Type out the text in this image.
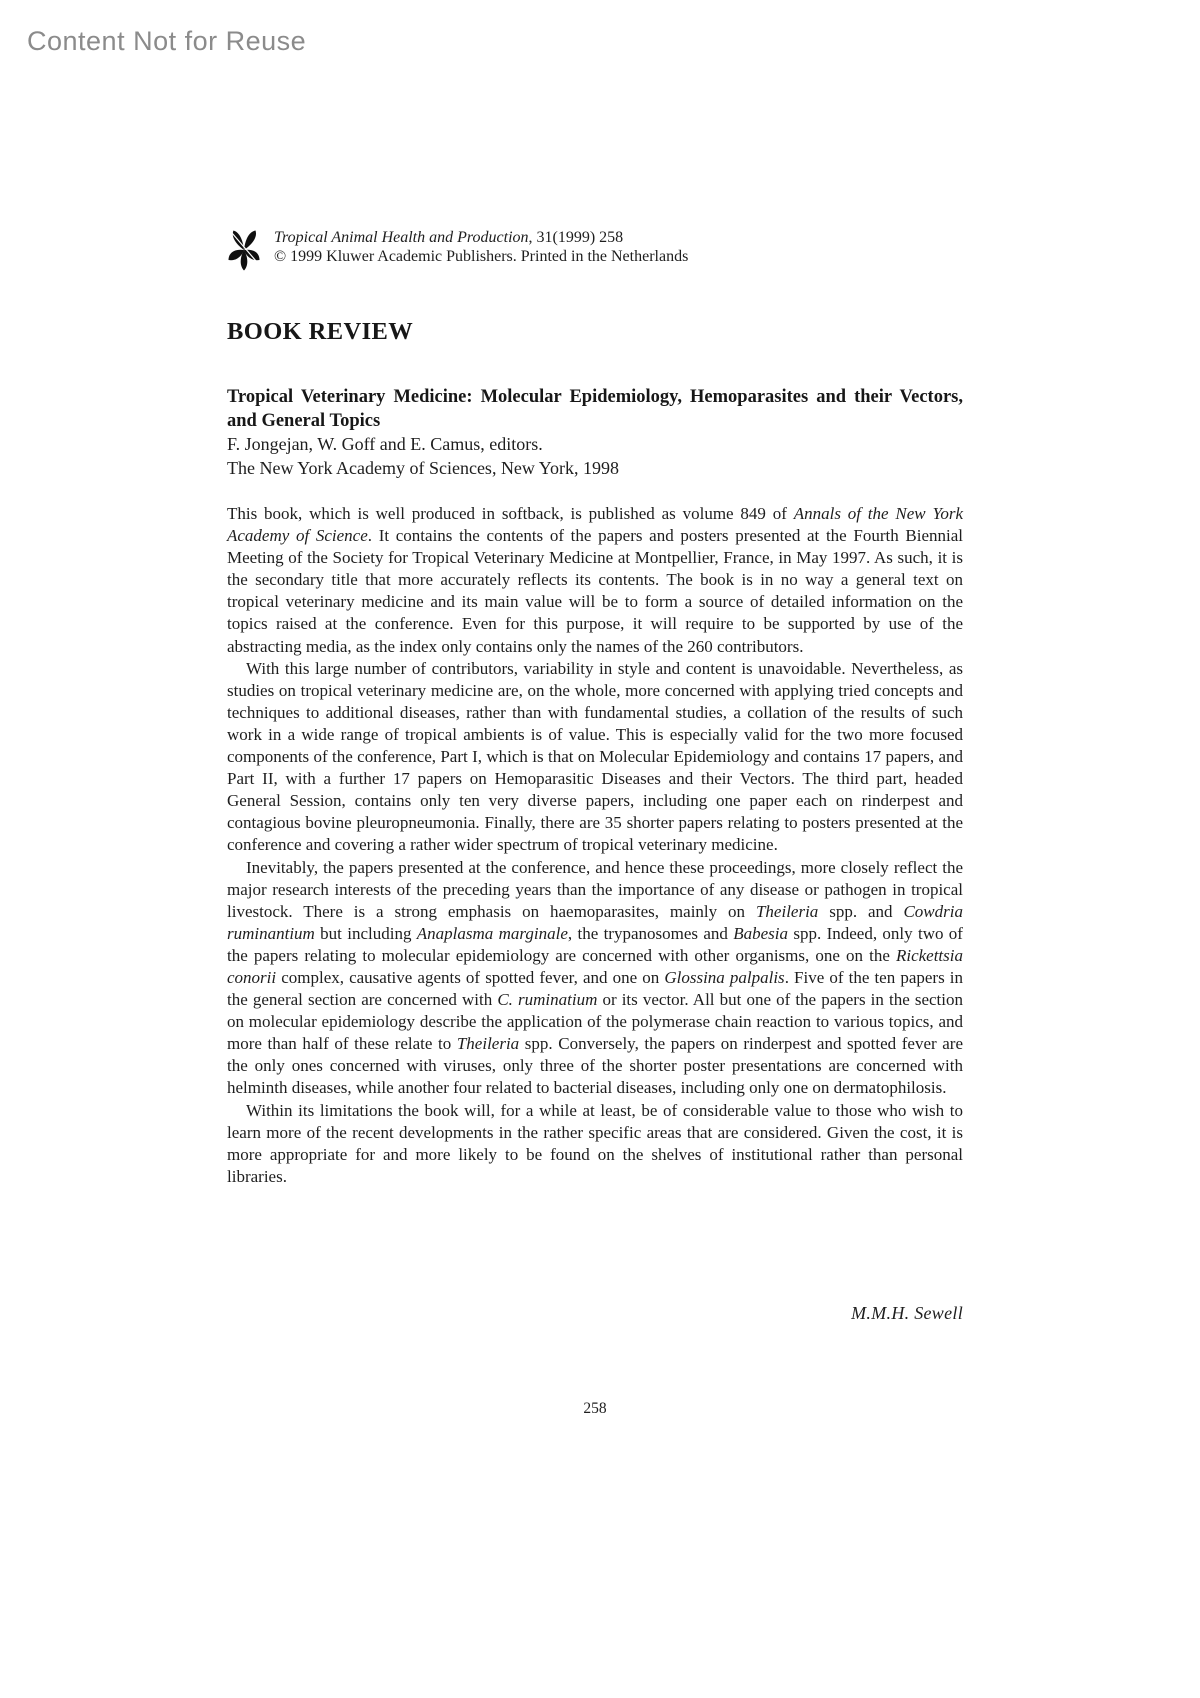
Content Not for Reuse
Tropical Animal Health and Production, 31(1999) 258
© 1999 Kluwer Academic Publishers. Printed in the Netherlands
BOOK REVIEW

Tropical Veterinary Medicine: Molecular Epidemiology, Hemoparasites and their Vectors, and General Topics

F. Jongejan, W. Goff and E. Camus, editors.

The New York Academy of Sciences, New York, 1998

This book, which is well produced in softback, is published as volume 849 of Annals of the New York Academy of Science. It contains the contents of the papers and posters presented at the Fourth Biennial Meeting of the Society for Tropical Veterinary Medicine at Montpellier, France, in May 1997. As such, it is the secondary title that more accurately reflects its contents. The book is in no way a general text on tropical veterinary medicine and its main value will be to form a source of detailed information on the topics raised at the conference. Even for this purpose, it will require to be supported by use of the abstracting media, as the index only contains only the names of the 260 contributors.

With this large number of contributors, variability in style and content is unavoidable. Nevertheless, as studies on tropical veterinary medicine are, on the whole, more concerned with applying tried concepts and techniques to additional diseases, rather than with fundamental studies, a collation of the results of such work in a wide range of tropical ambients is of value. This is especially valid for the two more focused components of the conference, Part I, which is that on Molecular Epidemiology and contains 17 papers, and Part II, with a further 17 papers on Hemoparasitic Diseases and their Vectors. The third part, headed General Session, contains only ten very diverse papers, including one paper each on rinderpest and contagious bovine pleuropneumonia. Finally, there are 35 shorter papers relating to posters presented at the conference and covering a rather wider spectrum of tropical veterinary medicine.

Inevitably, the papers presented at the conference, and hence these proceedings, more closely reflect the major research interests of the preceding years than the importance of any disease or pathogen in tropical livestock. There is a strong emphasis on haemoparasites, mainly on Theileria spp. and Cowdria ruminantium but including Anaplasma marginale, the trypanosomes and Babesia spp. Indeed, only two of the papers relating to molecular epidemiology are concerned with other organisms, one on the Rickettsia conorii complex, causative agents of spotted fever, and one on Glossina palpalis. Five of the ten papers in the general section are concerned with C. ruminatium or its vector. All but one of the papers in the section on molecular epidemiology describe the application of the polymerase chain reaction to various topics, and more than half of these relate to Theileria spp. Conversely, the papers on rinderpest and spotted fever are the only ones concerned with viruses, only three of the shorter poster presentations are concerned with helminth diseases, while another four related to bacterial diseases, including only one on dermatophilosis.

Within its limitations the book will, for a while at least, be of considerable value to those who wish to learn more of the recent developments in the rather specific areas that are considered. Given the cost, it is more appropriate for and more likely to be found on the shelves of institutional rather than personal libraries.

M.M.H. Sewell
258
